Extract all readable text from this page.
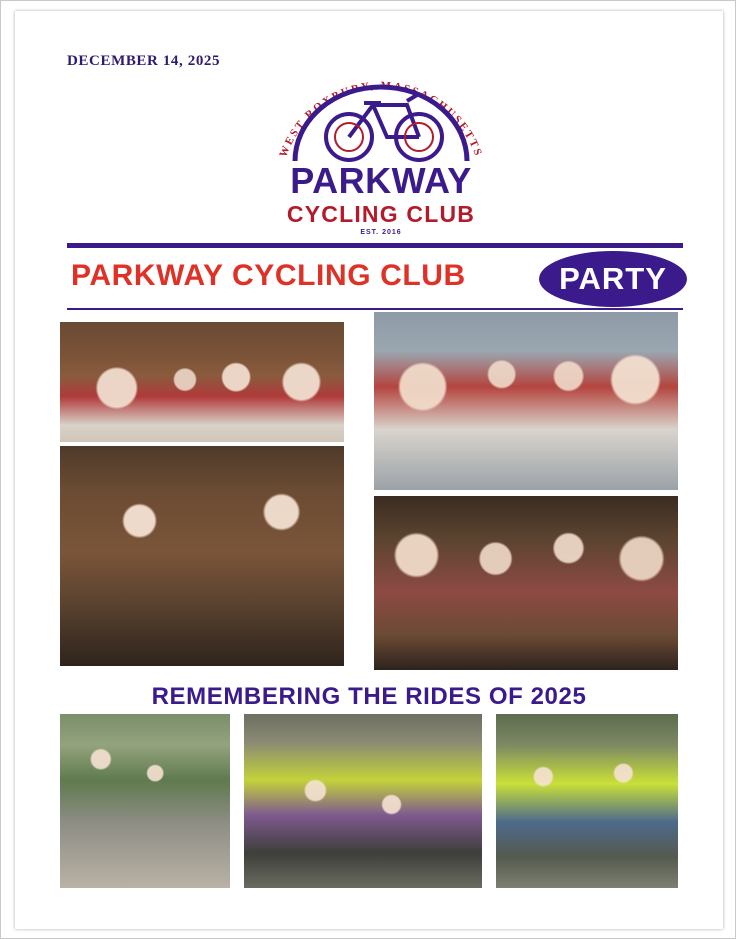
DECEMBER 14, 2025
WEST ROXBURY, MASSACHUSETTS
PARKWAY
CYCLING CLUB
EST. 2016
PARKWAY CYCLING CLUB	PARTY
REMEMBERING THE RIDES OF 2025
